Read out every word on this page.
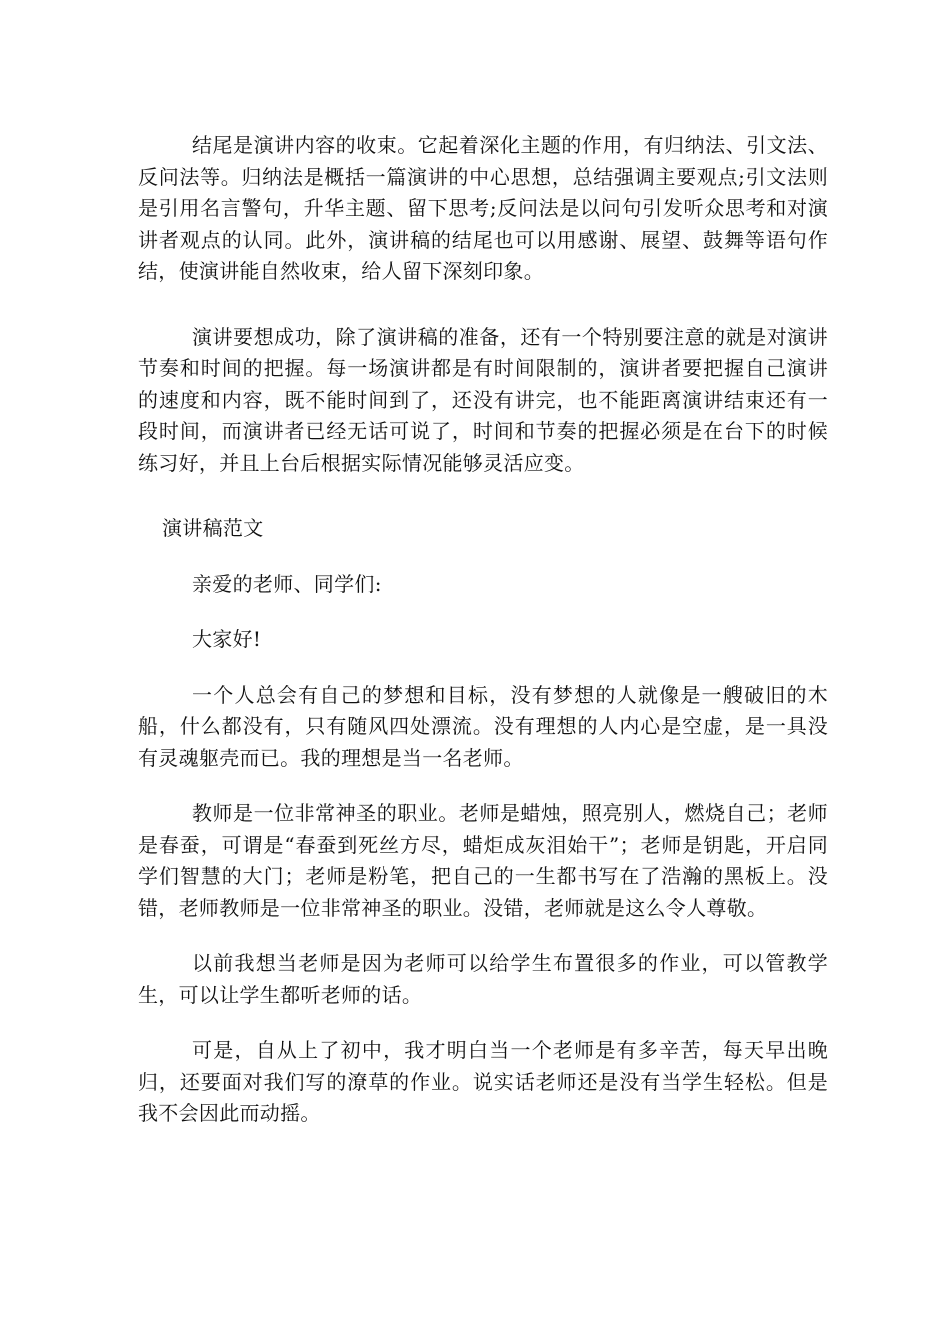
结尾是演讲内容的收束。它起着深化主题的作用，有归纳法、引文法、反问法等。归纳法是概括一篇演讲的中心思想，总结强调主要观点;引文法则是引用名言警句，升华主题、留下思考;反问法是以问句引发听众思考和对演讲者观点的认同。此外，演讲稿的结尾也可以用感谢、展望、鼓舞等语句作结，使演讲能自然收束，给人留下深刻印象。

演讲要想成功，除了演讲稿的准备，还有一个特别要注意的就是对演讲节奏和时间的把握。每一场演讲都是有时间限制的，演讲者要把握自己演讲的速度和内容，既不能时间到了，还没有讲完，也不能距离演讲结束还有一段时间，而演讲者已经无话可说了，时间和节奏的把握必须是在台下的时候练习好，并且上台后根据实际情况能够灵活应变。

演讲稿范文

亲爱的老师、同学们:

大家好!

一个人总会有自己的梦想和目标，没有梦想的人就像是一艘破旧的木船，什么都没有，只有随风四处漂流。没有理想的人内心是空虚，是一具没有灵魂躯壳而已。我的理想是当一名老师。

教师是一位非常神圣的职业。老师是蜡烛，照亮别人，燃烧自己；老师是春蚕，可谓是“春蚕到死丝方尽，蜡炬成灰泪始干”；老师是钥匙，开启同学们智慧的大门；老师是粉笔，把自己的一生都书写在了浩瀚的黑板上。没错，老师教师是一位非常神圣的职业。没错，老师就是这么令人尊敬。

以前我想当老师是因为老师可以给学生布置很多的作业，可以管教学生，可以让学生都听老师的话。

可是，自从上了初中，我才明白当一个老师是有多辛苦，每天早出晚归，还要面对我们写的潦草的作业。说实话老师还是没有当学生轻松。但是我不会因此而动摇。
